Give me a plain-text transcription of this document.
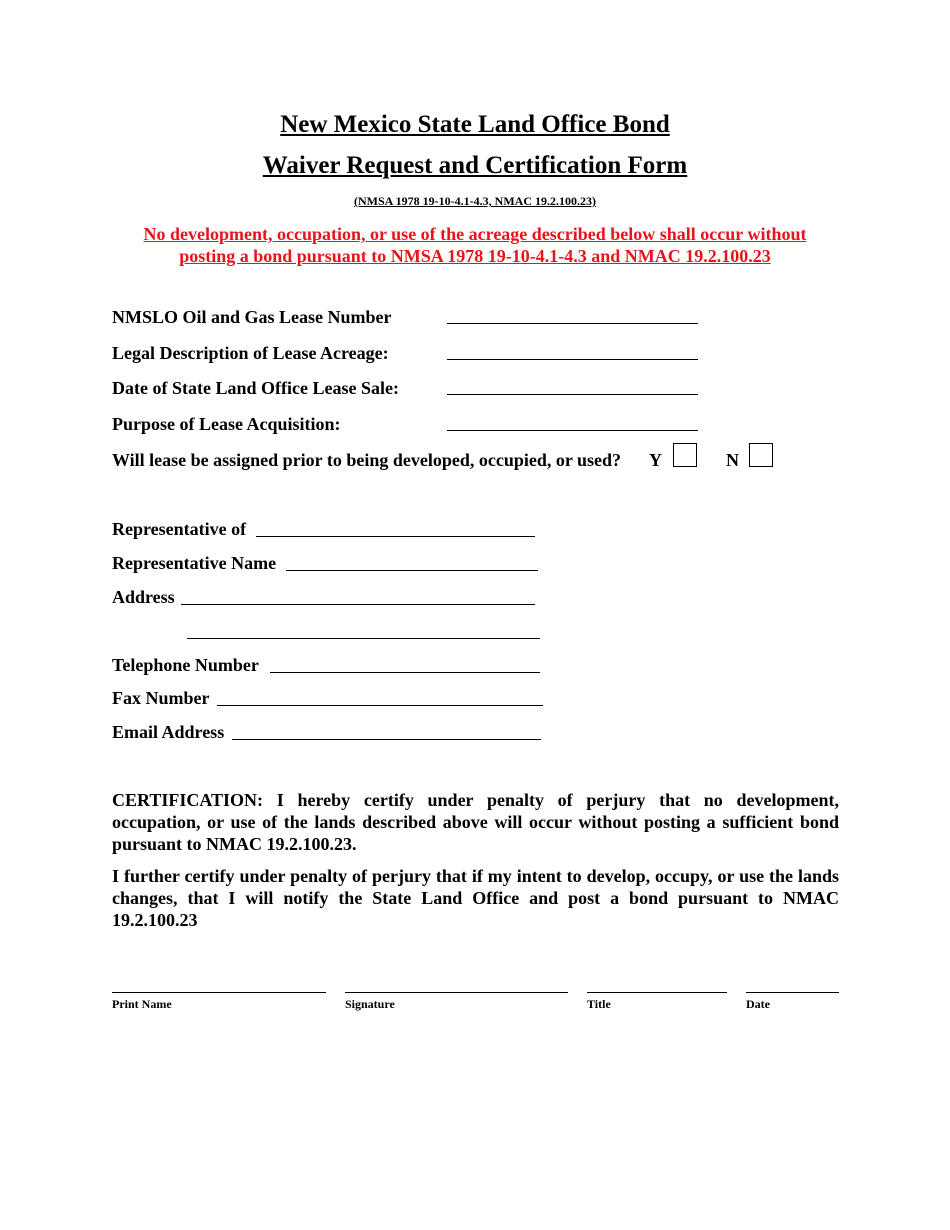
New Mexico State Land Office Bond
Waiver Request and Certification Form
(NMSA 1978 19-10-4.1-4.3, NMAC 19.2.100.23)
No development, occupation, or use of the acreage described below shall occur without
posting a bond pursuant to NMSA 1978 19-10-4.1-4.3 and NMAC 19.2.100.23
NMSLO Oil and Gas Lease Number
Legal Description of Lease Acreage:
Date of State Land Office Lease Sale:
Purpose of Lease Acquisition:
Will lease be assigned prior to being developed, occupied, or used? Y	N
Representative of
Representative Name
Address
Telephone Number
Fax Number
Email Address
CERTIFICATION: I hereby certify under penalty of perjury that no development, occupation, or use of the lands described above will occur without posting a sufficient bond pursuant to NMAC 19.2.100.23.
I further certify under penalty of perjury that if my intent to develop, occupy, or use the lands changes, that I will notify the State Land Office and post a bond pursuant to NMAC 19.2.100.23
Print Name	Signature	Title	Date
